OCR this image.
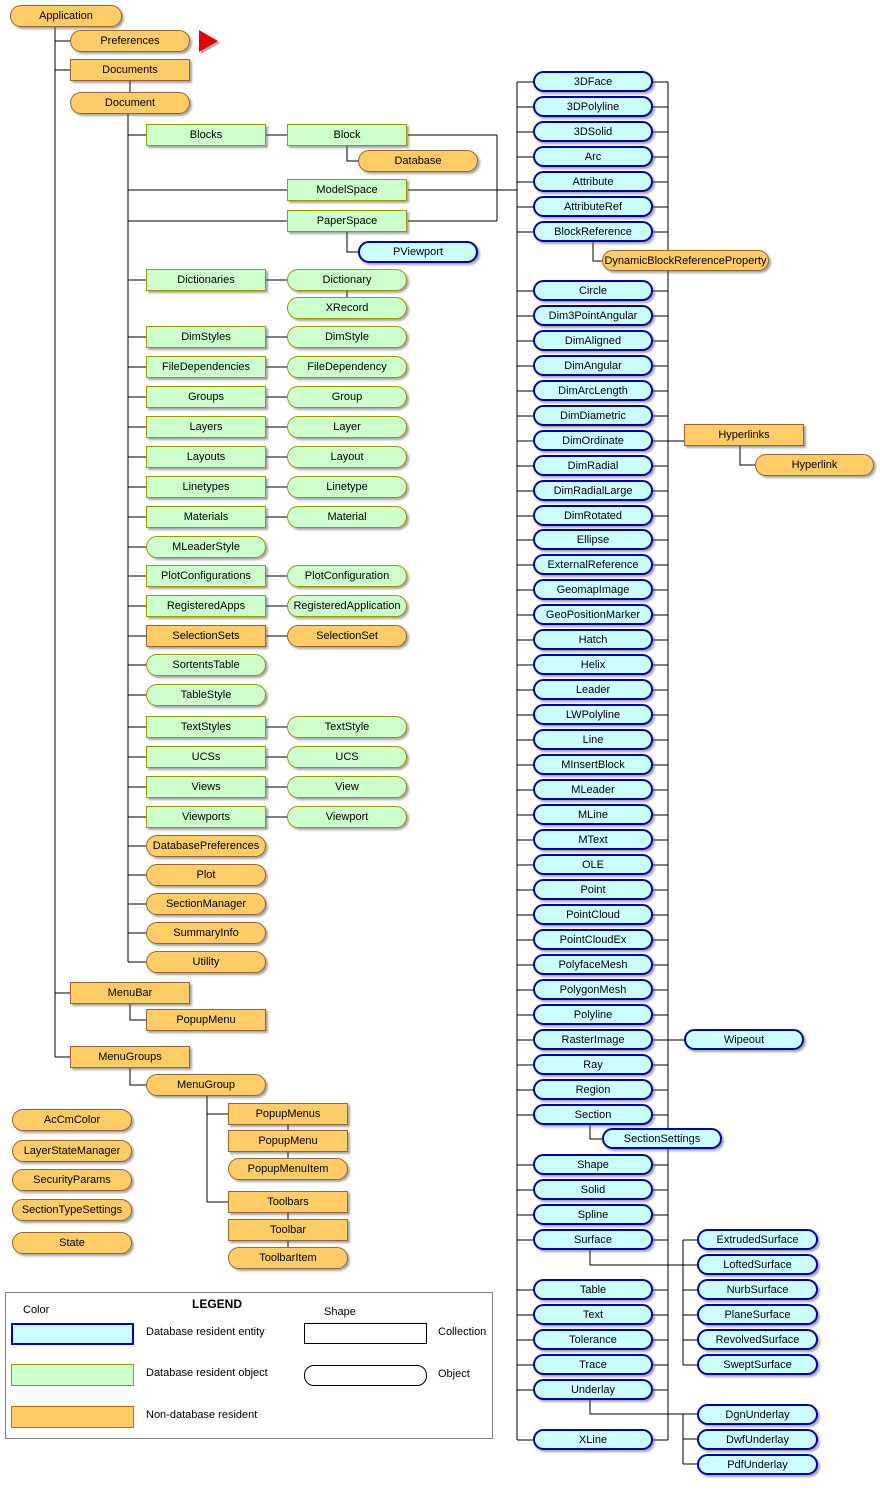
LEGEND
Color	Shape
Database resident entity
Database resident object
Non-database resident
Collection
Object
Application
Preferences
Documents
Document
Blocks	Block
Database
ModelSpace
PaperSpace
PViewport
Dictionaries	Dictionary
XRecord
DimStyles	DimStyle
FileDependencies	FileDependency
Groups	Group
Layers	Layer
Layouts	Layout
Linetypes	Linetype
Materials	Material
MLeaderStyle
PlotConfigurations	PlotConfiguration
RegisteredApps	RegisteredApplication
SelectionSets	SelectionSet
SortentsTable
TableStyle
TextStyles	TextStyle
UCSs	UCS
Views	View
Viewports	Viewport
DatabasePreferences
Plot
SectionManager
SummaryInfo
Utility
MenuBar
PopupMenu
MenuGroups
MenuGroup
PopupMenus
PopupMenu
PopupMenuItem
Toolbars
Toolbar
ToolbarItem
AcCmColor
LayerStateManager
SecurityParams
SectionTypeSettings
State
3DFace
3DPolyline
3DSolid
Arc
Attribute
AttributeRef
BlockReference
DynamicBlockReferenceProperty
Circle
Dim3PointAngular
DimAligned
DimAngular
DimArcLength
DimDiametric
DimOrdinate	Hyperlinks
Hyperlink
DimRadial
DimRadialLarge
DimRotated
Ellipse
ExternalReference
GeomapImage
GeoPositionMarker
Hatch
Helix
Leader
LWPolyline
Line
MInsertBlock
MLeader
MLine
MText
OLE
Point
PointCloud
PointCloudEx
PolyfaceMesh
PolygonMesh
Polyline
RasterImage	Wipeout
Ray
Region
Section
SectionSettings
Shape
Solid
Spline
Surface	ExtrudedSurface
LoftedSurface
NurbSurface
PlaneSurface
RevolvedSurface
SweptSurface
Table
Text
Tolerance
Trace
Underlay
DgnUnderlay
DwfUnderlay
PdfUnderlay
XLine
